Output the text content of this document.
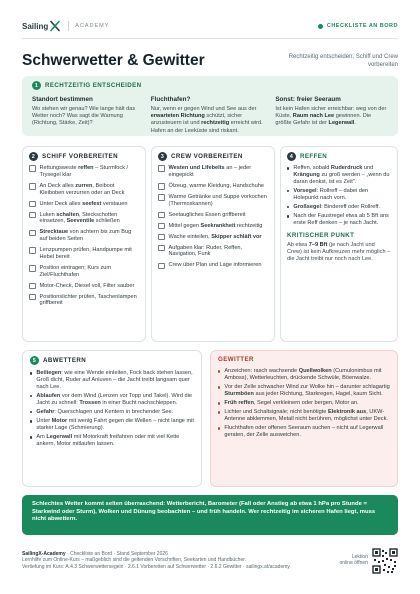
Sailing	ACADEMY	CHECKLISTE AN BORD
Schwerwetter & Gewitter	Rechtzeitig entscheiden, Schiff und Crew vorbereiten
1	RECHTZEITIG ENTSCHEIDEN
Standort bestimmen
Wo stehen wir genau? Wie lange hält das Wetter noch? Was sagt die Warnung (Richtung, Stärke, Zeit)?
Fluchthafen?
Nur, wenn er gegen Wind und See aus der erwarteten Richtung schützt, sicher anzusteuern ist und rechtzeitig erreicht wird. Hafen an der Leeküste sind riskant.
Sonst: freier Seeraum
Ist kein Hafen sicher erreichbar: weg von der Küste, Raum nach Lee gewinnen. Die größte Gefahr ist der Legerwall.
2	SCHIFF VORBEREITEN
Rettungsweste reffen – Sturmfock / Trysegel klar
An Deck alles zurren, Beiboot Kleiboben verzurren oder an Deck
Unter Deck alles seefest verstauen
Luken schalten, Steckschotten einsetzen, Seeventile schließen
Strecktaue von achtern bis zum Bug auf beiden Seiten
Lenzpumpen prüfen, Handpumpe mit Hebel bereit
Position eintragen; Kurs zum Ziel/Fluchthafen
Motor-Check, Diesel voll, Filter sauber
Positionslichter prüfen, Taschenlampen griffbereit
3	CREW VORBEREITEN
Westen und Lifebelts an – jeder eingepickt
Ölzeug, warme Kleidung, Handschuhe
Warme Getränke und Suppe vorkochen (Thermoskannen)
Seetaugliches Essen griffbereit
Mittel gegen Seekrankheit rechtzeitig
Wache einteilen, Skipper schläft vor
Aufgaben klar: Ruder, Reffen, Navigation, Funk
Crew über Plan und Lage informieren
4	REFFEN
Reffen, sobald Ruderdruck und Krängung zu groß werden – „wenn du daran denkst, ist es Zeit".
Vorsegel: Rollreff – dabei den Holepunkt nach vorn.
Großsegel: Bindereff oder Rollreff.
Nach der Faustregel etwa ab 5 Bft ans erste Reff denken – je nach Jacht.
KRITISCHER PUNKT
Ab etwa 7–9 Bft (je nach Jacht und Crew) ist kein Aufkreuzen mehr möglich – die Jacht treibt nur noch nach Lee.
5	ABWETTERN
Beiliegen: wie eine Wende einleiten, Fock back stehen lassen, Groß dicht, Ruder auf Anluven – die Jacht treibt langsam quer nach Lee.
Ablaufen vor dem Wind (Lenzen vor Topp und Takel). Wird die Jacht zu schnell: Trossen in einer Bucht nachschleppen.
Gefahr: Querschlagen und Kentern in brechender See.
Unter Motor mit wenig Fahrt gegen die Wellen – nicht lange mit starker Lage (Schmierung).
Am Legerwall mit Motorkraft freifahren oder mit viel Kette ankern, Motor mitlaufen lassen.
GEWITTER
Anzeichen: rasch wachsende Quellwolken (Cumulonimbus mit Amboss), Wetterleuchten, drückende Schwüle, Böenwalze.
Vor der Zelle schwacher Wind zur Wolke hin – darunter schlagartig Sturmböen aus jeder Richtung, Starkregen, Hagel, kaum Sicht.
Früh reffen, Segel verkleinern oder bergen, Motor an.
Lichter und Schaltsignale; nicht benötigte Elektronik aus, UKW-Antenne abklemmen, Metall nicht berühren, möglichst unter Deck.
Fluchthafen oder offenen Seeraum suchen – nicht auf Legerwall geraten, der Zelle ausweichen.
Schlechtes Wetter kommt selten überraschend: Wetterbericht, Barometer (Fall oder Anstieg ab etwa 1 hPa pro Stunde = Starkwind oder Sturm), Wolken und Dünung beobachten – und früh handeln. Wer rechtzeitig im sicheren Hafen liegt, muss nicht abwettern.
SailingX-Academy · Checkliste an Bord · Stand September 2026
Lernhilfe zum Online-Kurs – maßgeblich sind die geltenden Vorschriften, Seekarten und Handbücher.
Vertiefung im Kurs: A.4.3 Schwerwettersegeln · 2.6.1 Vorbereiten auf Schwerwetter · 2.6.2 Gewitter · sailingx.at/academy
Lektion online öffnen
